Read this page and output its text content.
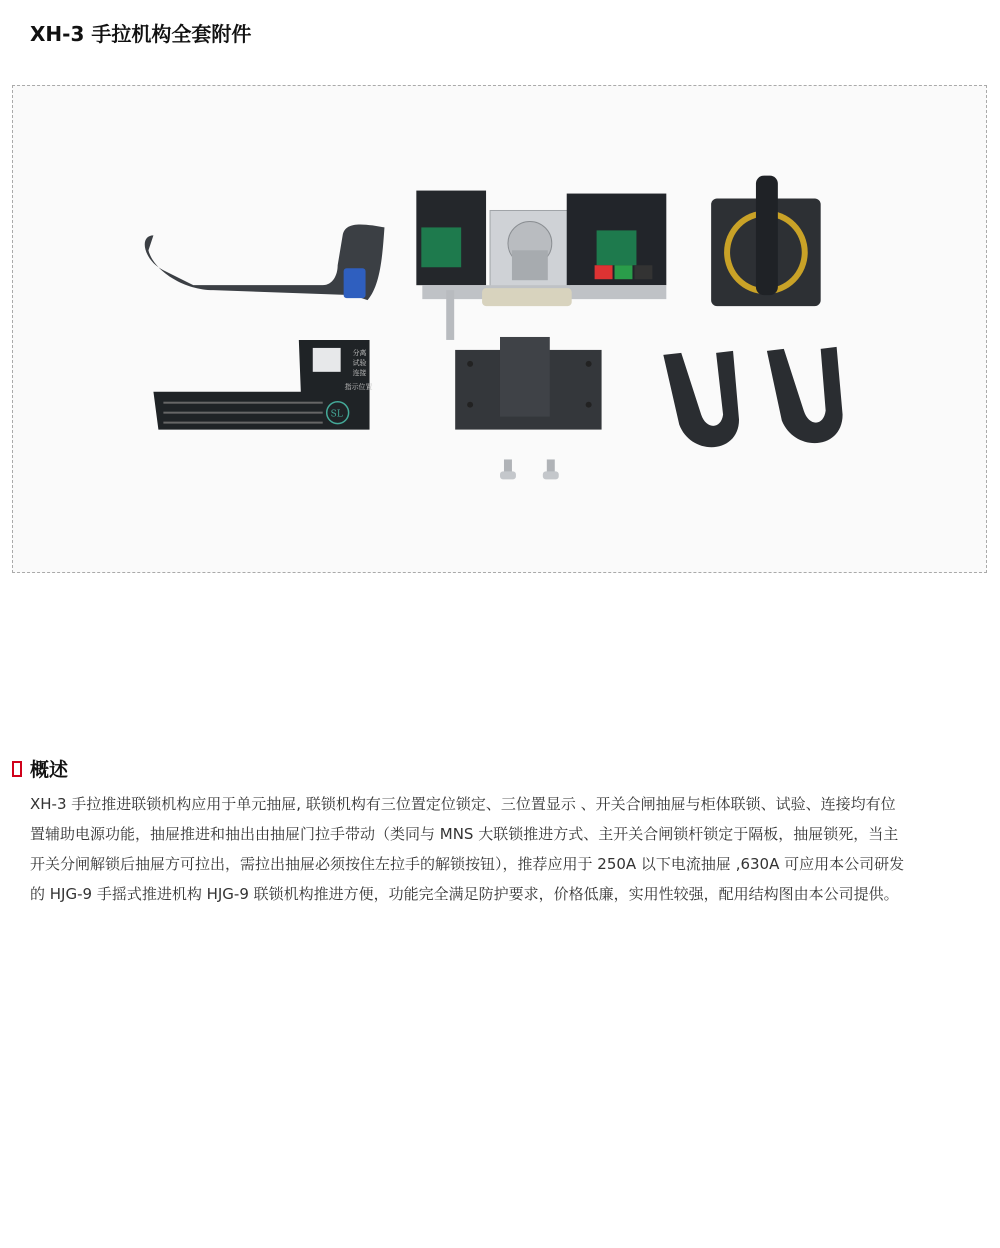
XH-3 手拉机构全套附件
分离
试验
连接
指示位置
SL
概述

XH-3 手拉推进联锁机构应用于单元抽屉, 联锁机构有三位置定位锁定、三位置显示 、开关合闸抽屉与柜体联锁、试验、连接均有位置辅助电源功能，抽屉推进和抽出由抽屉门拉手带动（类同与 MNS 大联锁推进方式、主开关合闸锁杆锁定于隔板，抽屉锁死，当主开关分闸解锁后抽屉方可拉出，需拉出抽屉必须按住左拉手的解锁按钮），推荐应用于 250A 以下电流抽屉 ,630A 可应用本公司研发的 HJG-9 手摇式推进机构 HJG-9 联锁机构推进方便，功能完全满足防护要求，价格低廉，实用性较强，配用结构图由本公司提供。
